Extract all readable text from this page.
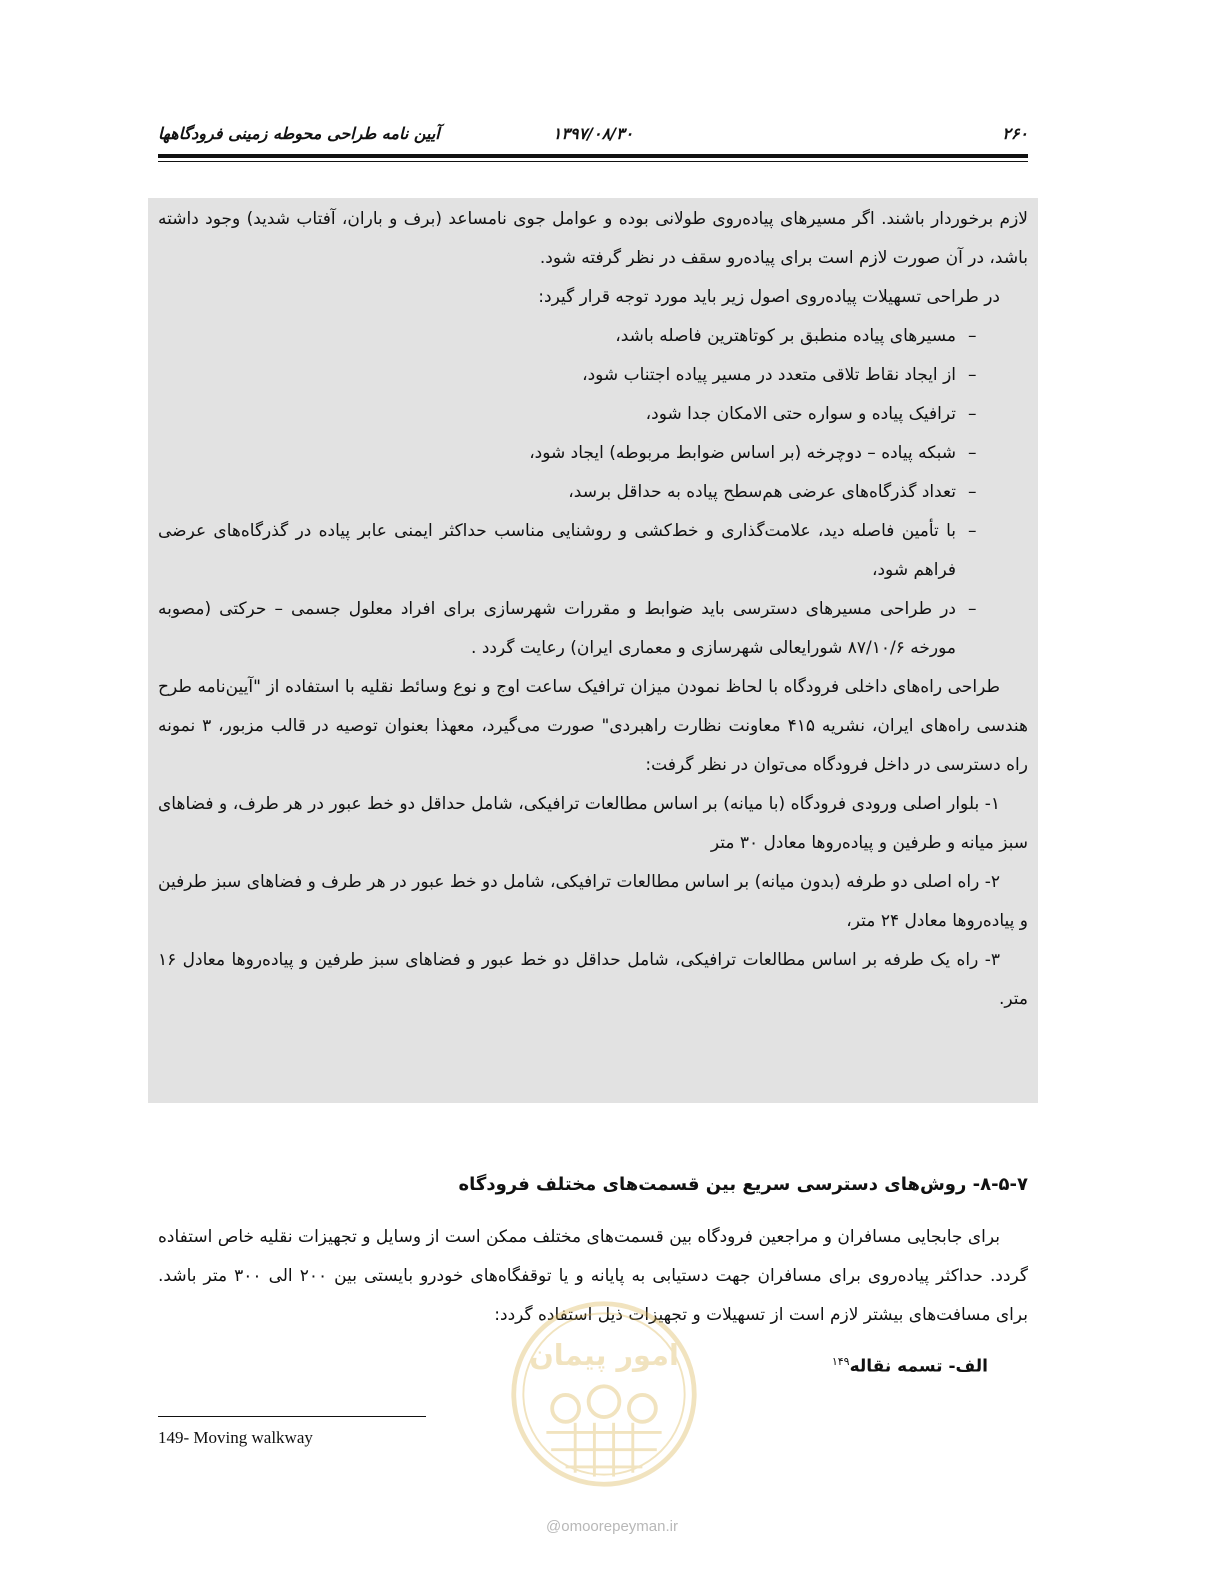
۲۶۰
۱۳۹۷/۰۸/۳۰
آیین نامه طراحی محوطه زمینی فرودگاهها

لازم برخوردار باشند. اگر مسیرهای پیاده‌روی طولانی بوده و عوامل جوی نامساعد (برف و باران، آفتاب شدید) وجود داشته باشد، در آن صورت لازم است برای پیاده‌رو سقف در نظر گرفته شود.

در طراحی تسهیلات پیاده‌روی اصول زیر باید مورد توجه قرار گیرد:

–
مسیرهای پیاده منطبق بر کوتاهترین فاصله باشد،

–
از ایجاد نقاط تلاقی متعدد در مسیر پیاده اجتناب شود،

–
ترافیک پیاده و سواره حتی الامکان جدا شود،

–
شبکه پیاده – دوچرخه (بر اساس ضوابط مربوطه) ایجاد شود،

–
تعداد گذرگاه‌های عرضی هم‌سطح پیاده به حداقل برسد،

–
با تأمین فاصله دید، علامت‌گذاری و خط‌کشی و روشنایی مناسب حداکثر ایمنی عابر پیاده در گذرگاه‌های عرضی فراهم شود،

–
در طراحی مسیرهای دسترسی باید ضوابط و مقررات شهرسازی برای افراد معلول جسمی – حرکتی (مصوبه مورخه ۸۷/۱۰/۶ شورایعالی شهرسازی و معماری ایران) رعایت گردد .

طراحی راه‌های داخلی فرودگاه با لحاظ نمودن میزان ترافیک ساعت اوج و نوع وسائط نقلیه با استفاده از "آیین‌نامه طرح هندسی راه‌های ایران، نشریه ۴۱۵ معاونت نظارت راهبردی" صورت می‌گیرد، معهذا بعنوان توصیه در قالب مزبور، ۳ نمونه راه دسترسی در داخل فرودگاه می‌توان در نظر گرفت:

۱- بلوار اصلی ورودی فرودگاه (با میانه) بر اساس مطالعات ترافیکی، شامل حداقل دو خط عبور در هر طرف، و فضاهای سبز میانه و طرفین و پیاده‌روها معادل ۳۰ متر

۲- راه اصلی دو طرفه (بدون میانه) بر اساس مطالعات ترافیکی، شامل دو خط عبور در هر طرف و فضاهای سبز طرفین و پیاده‌روها معادل ۲۴ متر،

۳- راه یک طرفه بر اساس مطالعات ترافیکی، شامل حداقل دو خط عبور و فضاهای سبز طرفین و پیاده‌روها معادل ۱۶ متر.

۸-۵-۷- روش‌های دسترسی سریع بین قسمت‌های مختلف فرودگاه

برای جابجایی مسافران و مراجعین فرودگاه بین قسمت‌های مختلف ممکن است از وسایل و تجهیزات نقلیه خاص استفاده گردد. حداکثر پیاده‌روی برای مسافران جهت دستیابی به پایانه و یا توقفگاه‌های خودرو بایستی بین ۲۰۰ الی ۳۰۰ متر باشد. برای مسافت‌های بیشتر لازم است از تسهیلات و تجهیزات ذیل استفاده گردد:

الف- تسمه نقاله$^{۱۴۹}$
امور پیمان
149- Moving walkway
@omoorepeyman.ir
